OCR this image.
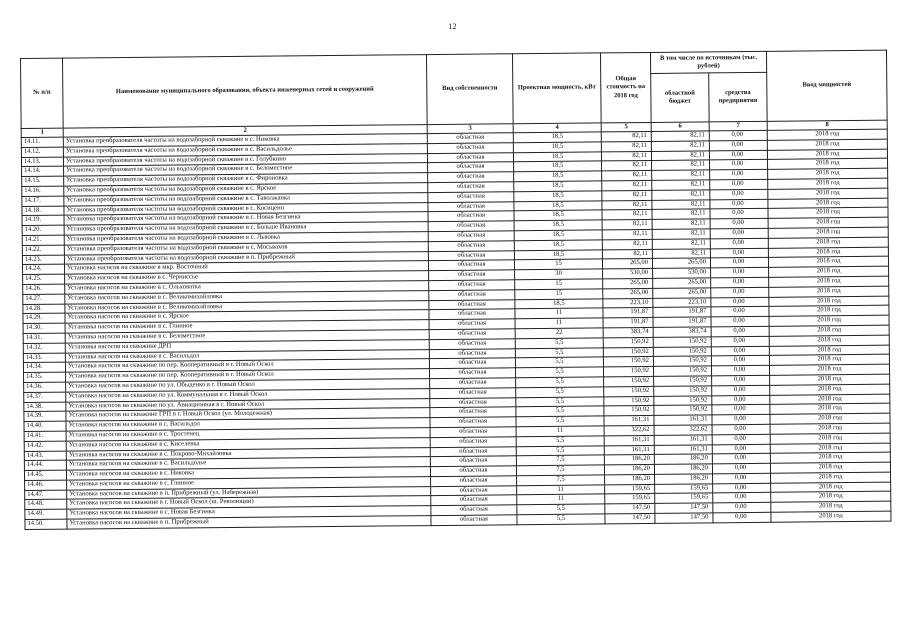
12
№ п/п	Наименование муниципального образования, объекта инженерных сетей и сооружений	Вид собственности	Проектная мощность, кВт	Общая стоимость на 2018 год	В том числе по источникам (тыс. рублей)		Ввод мощностей
					областной бюджет	средства предприятия	
1	2	3	4	5	6	7	8
14.11.	Установка преобразователя частоты на водозаборной скважине в с. Никовка	областная	18,5	82,11	82,11	0,00	2018 год
14.12.	Установка преобразователя частоты на водозаборной скважине в с. Васильдолье	областная	18,5	82,11	82,11	0,00	2018 год
14.13.	Установка преобразователя частоты на водозаборной скважине в с. Голубкино	областная	18,5	82,11	82,11	0,00	2018 год
14.14.	Установка преобразователя частоты на водозаборной скважине в с. Беломестное	областная	18,5	82,11	82,11	0,00	2018 год
14.15.	Установка преобразователя частоты на водозаборной скважине в с. Фироновка	областная	18,5	82,11	82,11	0,00	2018 год
14.16.	Установка преобразователя частоты на водозаборной скважине в с. Ярское	областная	18,5	82,11	82,11	0,00	2018 год
14.17.	Установка преобразователя частоты на водозаборной скважине в с. Таволжанка	областная	18,5	82,11	82,11	0,00	2018 год
14.18.	Установка преобразователя частоты на водозаборной скважине в с. Косицено	областная	18,5	82,11	82,11	0,00	2018 год
14.19.	Установка преобразователя частоты на водозаборной скважине в с. Новая Безгинка	областная	18,5	82,11	82,11	0,00	2018 год
14.20.	Установка преобразователя частоты на водозаборной скважине в с. Больше Ивановка	областная	18,5	82,11	82,11	0,00	2018 год
14.21.	Установка преобразователя частоты на водозаборной скважине в с. Львовка	областная	18,5	82,11	82,11	0,00	2018 год
14.22.	Установка преобразователя частоты на водозаборной скважине в с. Мосьвахов	областная	18,5	82,11	82,11	0,00	2018 год
14.23.	Установка преобразователя частоты на водозаборной скважине в п. Прибрежный	областная	18,5	82,11	82,11	0,00	2018 год
14.24.	Установка насосов на скважине в мкр. Восточный	областная	15	265,00	265,00	0,00	2018 год
14.25.	Установка насосов на скважине в с. Черниссье	областная	30	530,00	530,00	0,00	2018 год
14.26.	Установка насосов на скважине в с. Ольховатка	областная	15	265,00	265,00	0,00	2018 год
14.27.	Установка насосов на скважине в с. Великомихайловка	областная	15	265,00	265,00	0,00	2018 год
14.28.	Установка насосов на скважине в с. Великомихайловка	областная	18,5	223,10	223,10	0,00	2018 год
14.29.	Установка насосов на скважине в с. Ярское	областная	11	191,87	191,87	0,00	2018 год
14.30.	Установка насосов на скважине в с. Глинное	областная	11	191,87	191,87	0,00	2018 год
14.31.	Установка насосов на скважине в с. Беломестное	областная	22	383,74	383,74	0,00	2018 год
14.32.	Установка насосов на скважине ДРП	областная	5,5	150,92	150,92	0,00	2018 год
14.33.	Установка насосов на скважине в с. Васильдол	областная	5,5	150,92	150,92	0,00	2018 год
14.34.	Установка насосов на скважине по пер. Кооперативный в г. Новый Оскол	областная	5,5	150,92	150,92	0,00	2018 год
14.35.	Установка насосов на скважине по пер. Кооперативный в г. Новый Оскол	областная	5,5	150,92	150,92	0,00	2018 год
14.36.	Установка насосов на скважине по ул. Обыденко в г. Новый Оскол	областная	5,5	150,92	150,92	0,00	2018 год
14.37.	Установка насосов на скважине по ул. Коммунальная в г. Новый Оскол	областная	5,5	150,92	150,92	0,00	2018 год
14.38.	Установка насосов на скважине по ул. Авиационная в г. Новый Оскол	областная	5,5	150,92	150,92	0,00	2018 год
14.39.	Установка насосов на скважине ГРП в г. Новый Оскол (ул. Молодежная)	областная	5,5	150,92	150,92	0,00	2018 год
14.40.	Установка насосов на скважине в с. Васильдол	областная	5,5	161,31	161,31	0,00	2018 год
14.41.	Установка насосов на скважине в с. Тростенец	областная	11	322,62	322,62	0,00	2018 год
14.42.	Установка насосов на скважине в с. Киселевка	областная	5,5	161,31	161,31	0,00	2018 год
14.43.	Установка насосов на скважине в с. Покрово-Михайловка	областная	5,5	161,31	161,31	0,00	2018 год
14.44.	Установка насосов на скважине в с. Васильдолье	областная	7,5	186,20	186,20	0,00	2018 год
14.45.	Установка насосов на скважине в с. Никовка	областная	7,5	186,20	186,20	0,00	2018 год
14.46.	Установка насосов на скважине в с. Глинное	областная	7,5	186,20	186,20	0,00	2018 год
14.47.	Установка насосов на скважине в п. Прибрежный (ул. Набережная)	областная	11	159,65	159,65	0,00	2018 год
14.48.	Установка насосов на скважине в г. Новый Оскол (ш. Революции)	областная	11	159,65	159,65	0,00	2018 год
14.49.	Установка насосов на скважине в с. Новая Безгинка	областная	5,5	147,50	147,50	0,00	2018 год
14.50.	Установка насосов на скважине в п. Прибрежный	областная	5,5	147,50	147,50	0,00	2018 год
